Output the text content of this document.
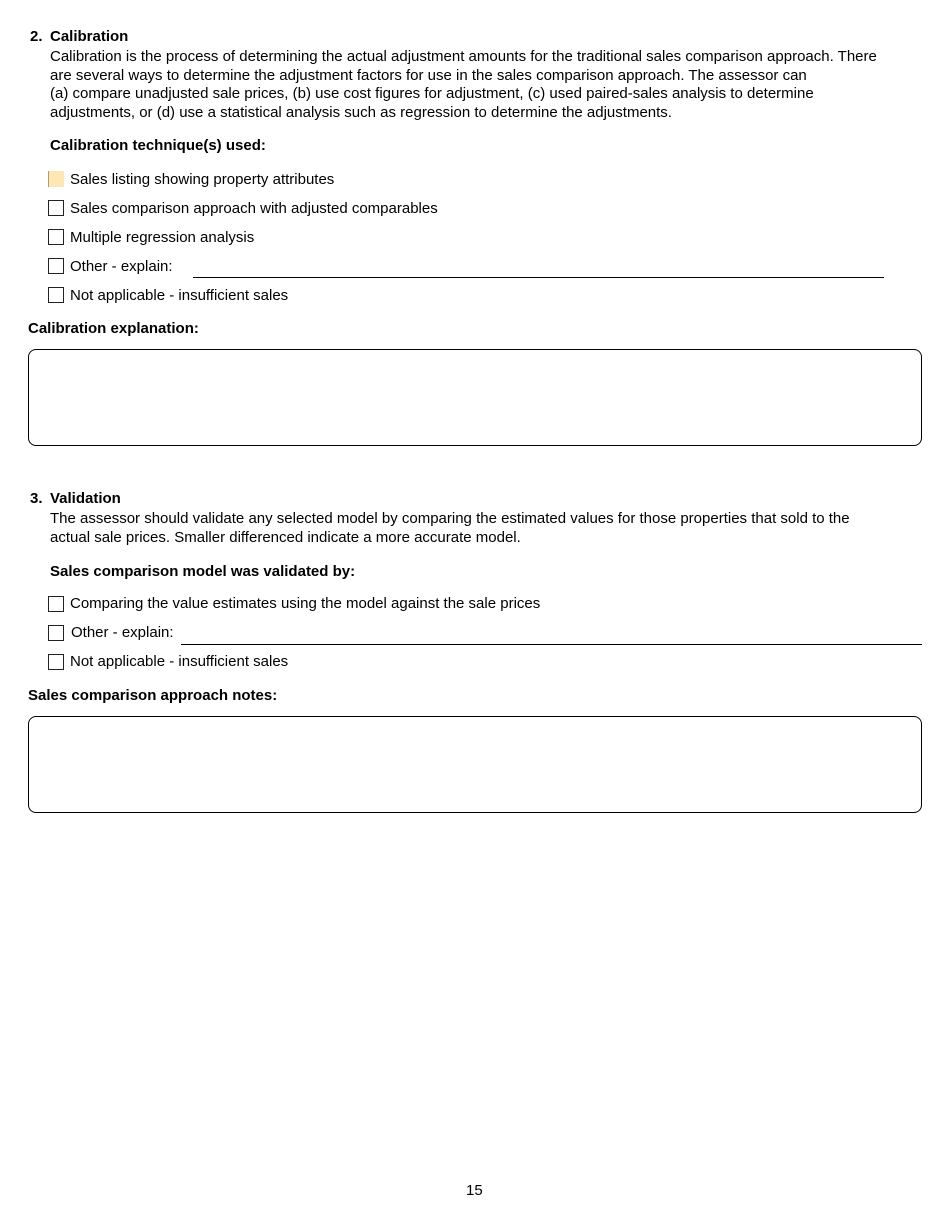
2. Calibration
Calibration is the process of determining the actual adjustment amounts for the traditional sales comparison approach. There
are several ways to determine the adjustment factors for use in the sales comparison approach. The assessor can
(a) compare unadjusted sale prices, (b) use cost figures for adjustment, (c) used paired-sales analysis to determine
adjustments, or (d) use a statistical analysis such as regression to determine the adjustments.
Calibration technique(s) used:
Sales listing showing property attributes
Sales comparison approach with adjusted comparables
Multiple regression analysis
Other - explain:
Not applicable - insufficient sales
Calibration explanation:
3. Validation
The assessor should validate any selected model by comparing the estimated values for those properties that sold to the
actual sale prices. Smaller differenced indicate a more accurate model.
Sales comparison model was validated by:
Comparing the value estimates using the model against the sale prices
Other - explain:
Not applicable - insufficient sales
Sales comparison approach notes:
15
